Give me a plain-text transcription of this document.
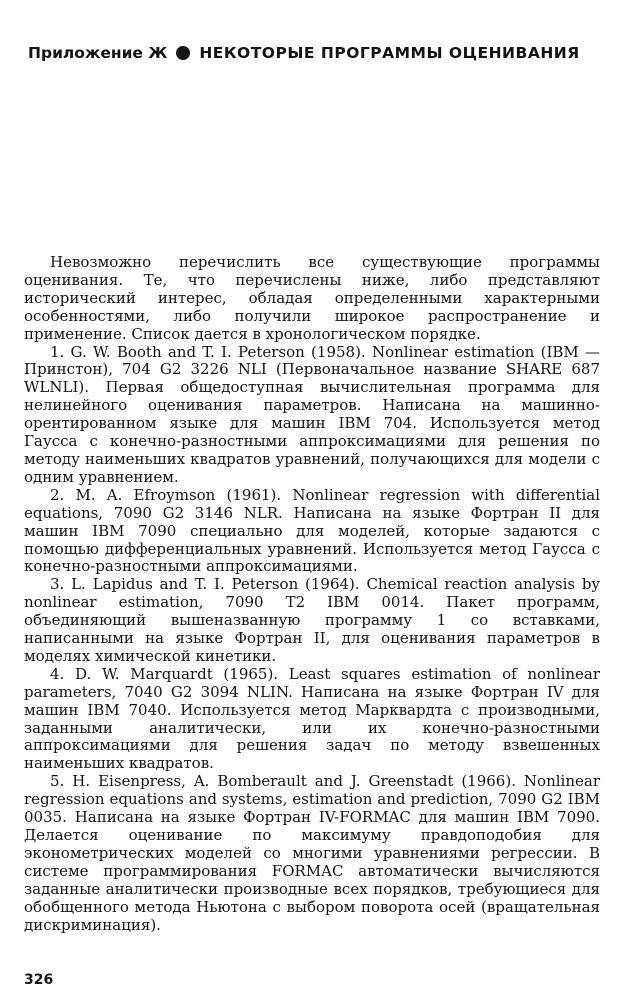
Приложение Ж НЕКОТОРЫЕ ПРОГРАММЫ ОЦЕНИВАНИЯ

Невозможно перечислить все существующие программы оценивания. Те, что перечислены ниже, либо представляют исторический интерес, обладая определенными характерными особенностями, либо получили широкое распространение и применение. Список дается в хронологическом порядке.

1. G. W. Booth and T. I. Peterson (1958). Nonlinear estimation (IBM — Принстон), 704 G2 3226 NLI (Первоначальное название SHARE 687 WLNLI). Первая общедоступная вычислительная программа для нелинейного оценивания параметров. Написана на машинно-орентированном языке для машин IBM 704. Используется метод Гаусса с конечно-разностными аппроксимациями для решения по методу наименьших квадратов уравнений, получающихся для модели с одним уравнением.

2. M. A. Efroymson (1961). Nonlinear regression with differential equations, 7090 G2 3146 NLR. Написана на языке Фортран II для машин IBM 7090 специально для моделей, которые задаются с помощью дифференциальных уравнений. Используется метод Гаусса с конечно-разностными аппроксимациями.

3. L. Lapidus and T. I. Peterson (1964). Chemical reaction analysis by nonlinear estimation, 7090 T2 IBM 0014. Пакет программ, объединяющий вышеназванную программу 1 со вставками, написанными на языке Фортран II, для оценивания параметров в моделях химической кинетики.

4. D. W. Marquardt (1965). Least squares estimation of nonlinear parameters, 7040 G2 3094 NLIN. Написана на языке Фортран IV для машин IBM 7040. Используется метод Марквардта с производными, заданными аналитически, или их конечно-разностными аппроксимациями для решения задач по методу взвешенных наименьших квадратов.

5. H. Eisenpress, A. Bomberault and J. Greenstadt (1966). Nonlinear regression equations and systems, estimation and prediction, 7090 G2 IBM 0035. Написана на языке Фортран IV-FORMAC для машин IBM 7090. Делается оценивание по максимуму правдоподобия для эконометрических моделей со многими уравнениями регрессии. В системе программирования FORMAC автоматически вычисляются заданные аналитически производные всех порядков, требующиеся для обобщенного метода Ньютона с выбором поворота осей (вращательная дискриминация).

326
